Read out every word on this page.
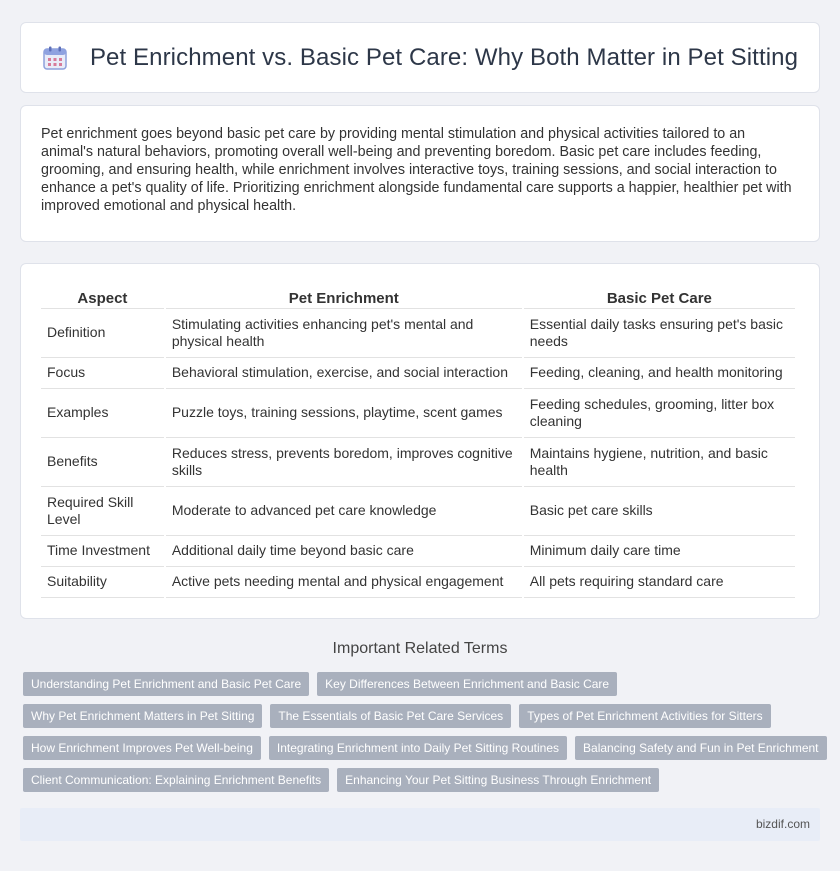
Pet Enrichment vs. Basic Pet Care: Why Both Matter in Pet Sitting

Pet enrichment goes beyond basic pet care by providing mental stimulation and physical activities tailored to an animal's natural behaviors, promoting overall well-being and preventing boredom. Basic pet care includes feeding, grooming, and ensuring health, while enrichment involves interactive toys, training sessions, and social interaction to enhance a pet's quality of life. Prioritizing enrichment alongside fundamental care supports a happier, healthier pet with improved emotional and physical health.

Aspect	Pet Enrichment	Basic Pet Care
Definition	Stimulating activities enhancing pet's mental and physical health	Essential daily tasks ensuring pet's basic needs
Focus	Behavioral stimulation, exercise, and social interaction	Feeding, cleaning, and health monitoring
Examples	Puzzle toys, training sessions, playtime, scent games	Feeding schedules, grooming, litter box cleaning
Benefits	Reduces stress, prevents boredom, improves cognitive skills	Maintains hygiene, nutrition, and basic health
Required Skill Level	Moderate to advanced pet care knowledge	Basic pet care skills
Time Investment	Additional daily time beyond basic care	Minimum daily care time
Suitability	Active pets needing mental and physical engagement	All pets requiring standard care
Important Related Terms
Understanding Pet Enrichment and Basic Pet Care	Key Differences Between Enrichment and Basic Care
Why Pet Enrichment Matters in Pet Sitting	The Essentials of Basic Pet Care Services	Types of Pet Enrichment Activities for Sitters
How Enrichment Improves Pet Well-being	Integrating Enrichment into Daily Pet Sitting Routines	Balancing Safety and Fun in Pet Enrichment
Client Communication: Explaining Enrichment Benefits	Enhancing Your Pet Sitting Business Through Enrichment
bizdif.com
